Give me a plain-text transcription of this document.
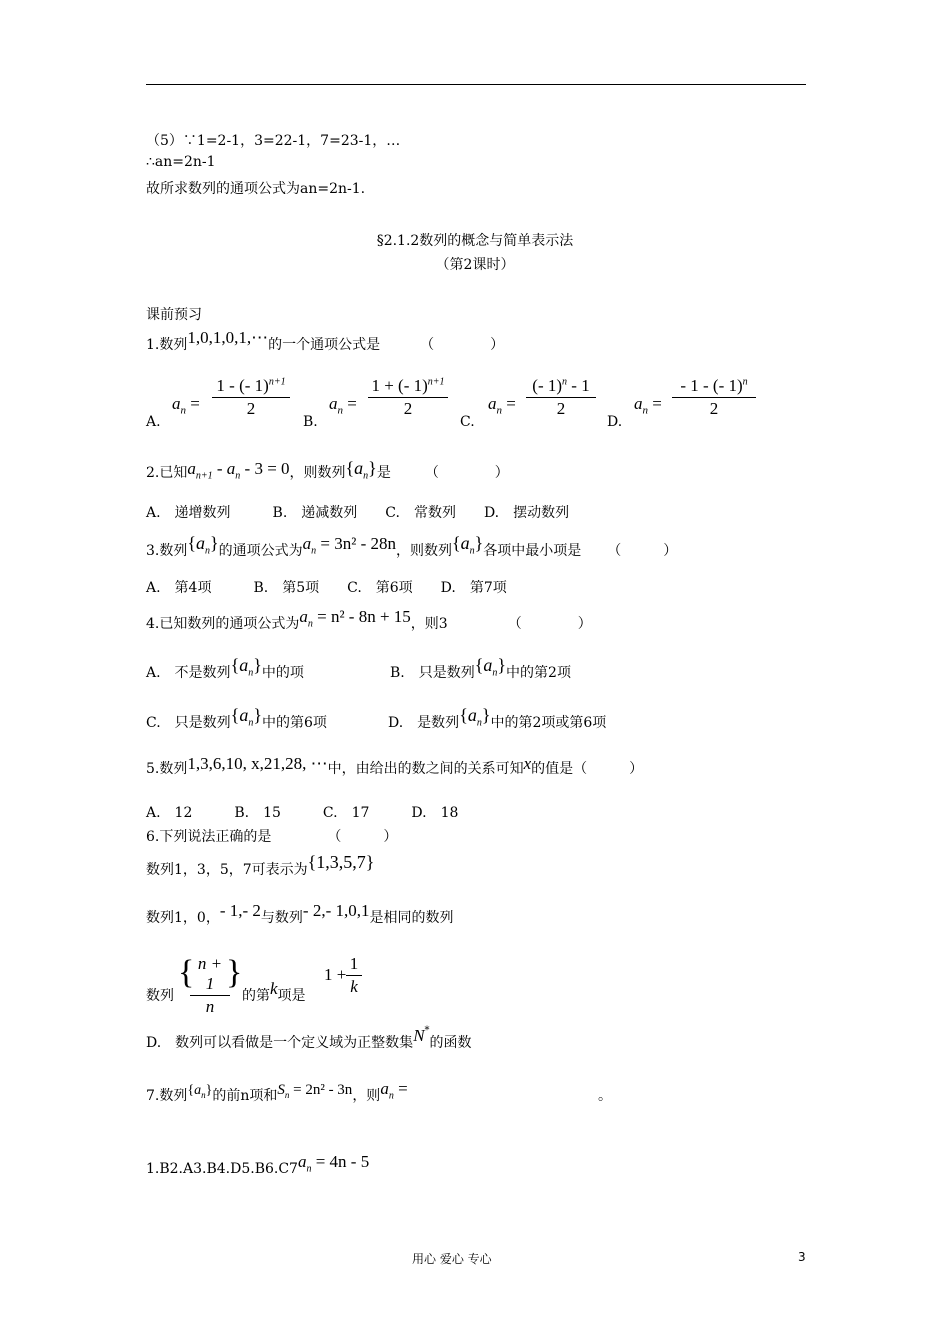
（5）∵1=2-1，3=22-1，7=23-1，…
∴an=2n-1
故所求数列的通项公式为an=2n-1.
§2.1.2数列的概念与简单表示法
（第2课时）
课前预习
1.数列1,0,1,0,1,⋯的一个通项公式是	（　　　　）
A.
$a_n$ =
1 - (- 1)$^{n+1}$
2
B.
$a_n$ =
1 + (- 1)$^{n+1}$
2
C.
$a_n$ =
(- 1)$^n$ - 1
2
D.
$a_n$ =
- 1 - (- 1)$^n$
2
2.已知$a_{n+1} - a_n - 3 = 0$，则数列$\{a_n\}$是 （　　　　）
A.　递增数列　　　B.　递减数列　　C.　常数列　　D.　摆动数列
3.数列$\{a_n\}$的通项公式为$a_n = 3n^2 - 28n$，则数列$\{a_n\}$各项中最小项是 （　　　）
A.　第4项　　　B.　第5项　　C.　第6项　　D.　第7项
4.已知数列的通项公式为$a_n = n^2 - 8n + 15$，则3	（　　　　）
A.　不是数列$\{a_n\}$中的项	B.　只是数列$\{a_n\}$中的第2项
C.　只是数列$\{a_n\}$中的第6项	D.　是数列$\{a_n\}$中的第2项或第6项
5.数列1,3,6,10, x,21,28, ⋯中，由给出的数之间的关系可知x的值是（　　　）
A.　12　　　B.　15　　　C.　17　　　D.　18
6.下列说法正确的是	（　　　）
数列1，3，5，7可表示为{1,3,5,7}
数列1，0，- 1,- 2与数列- 2,- 1,0,1是相同的数列
数列
{ n + 1
n
}
的第k项是
1 +
1
k
D.　数列可以看做是一个定义域为正整数集N*的函数
7.数列$\{a_n\}$的前n项和$S_n = 2n^2 - 3n$，则$a_n$ =	。
$1.B2.A3.B4.D5.B6.C7a_n = 4n - 5$
用心 爱心 专心	3
